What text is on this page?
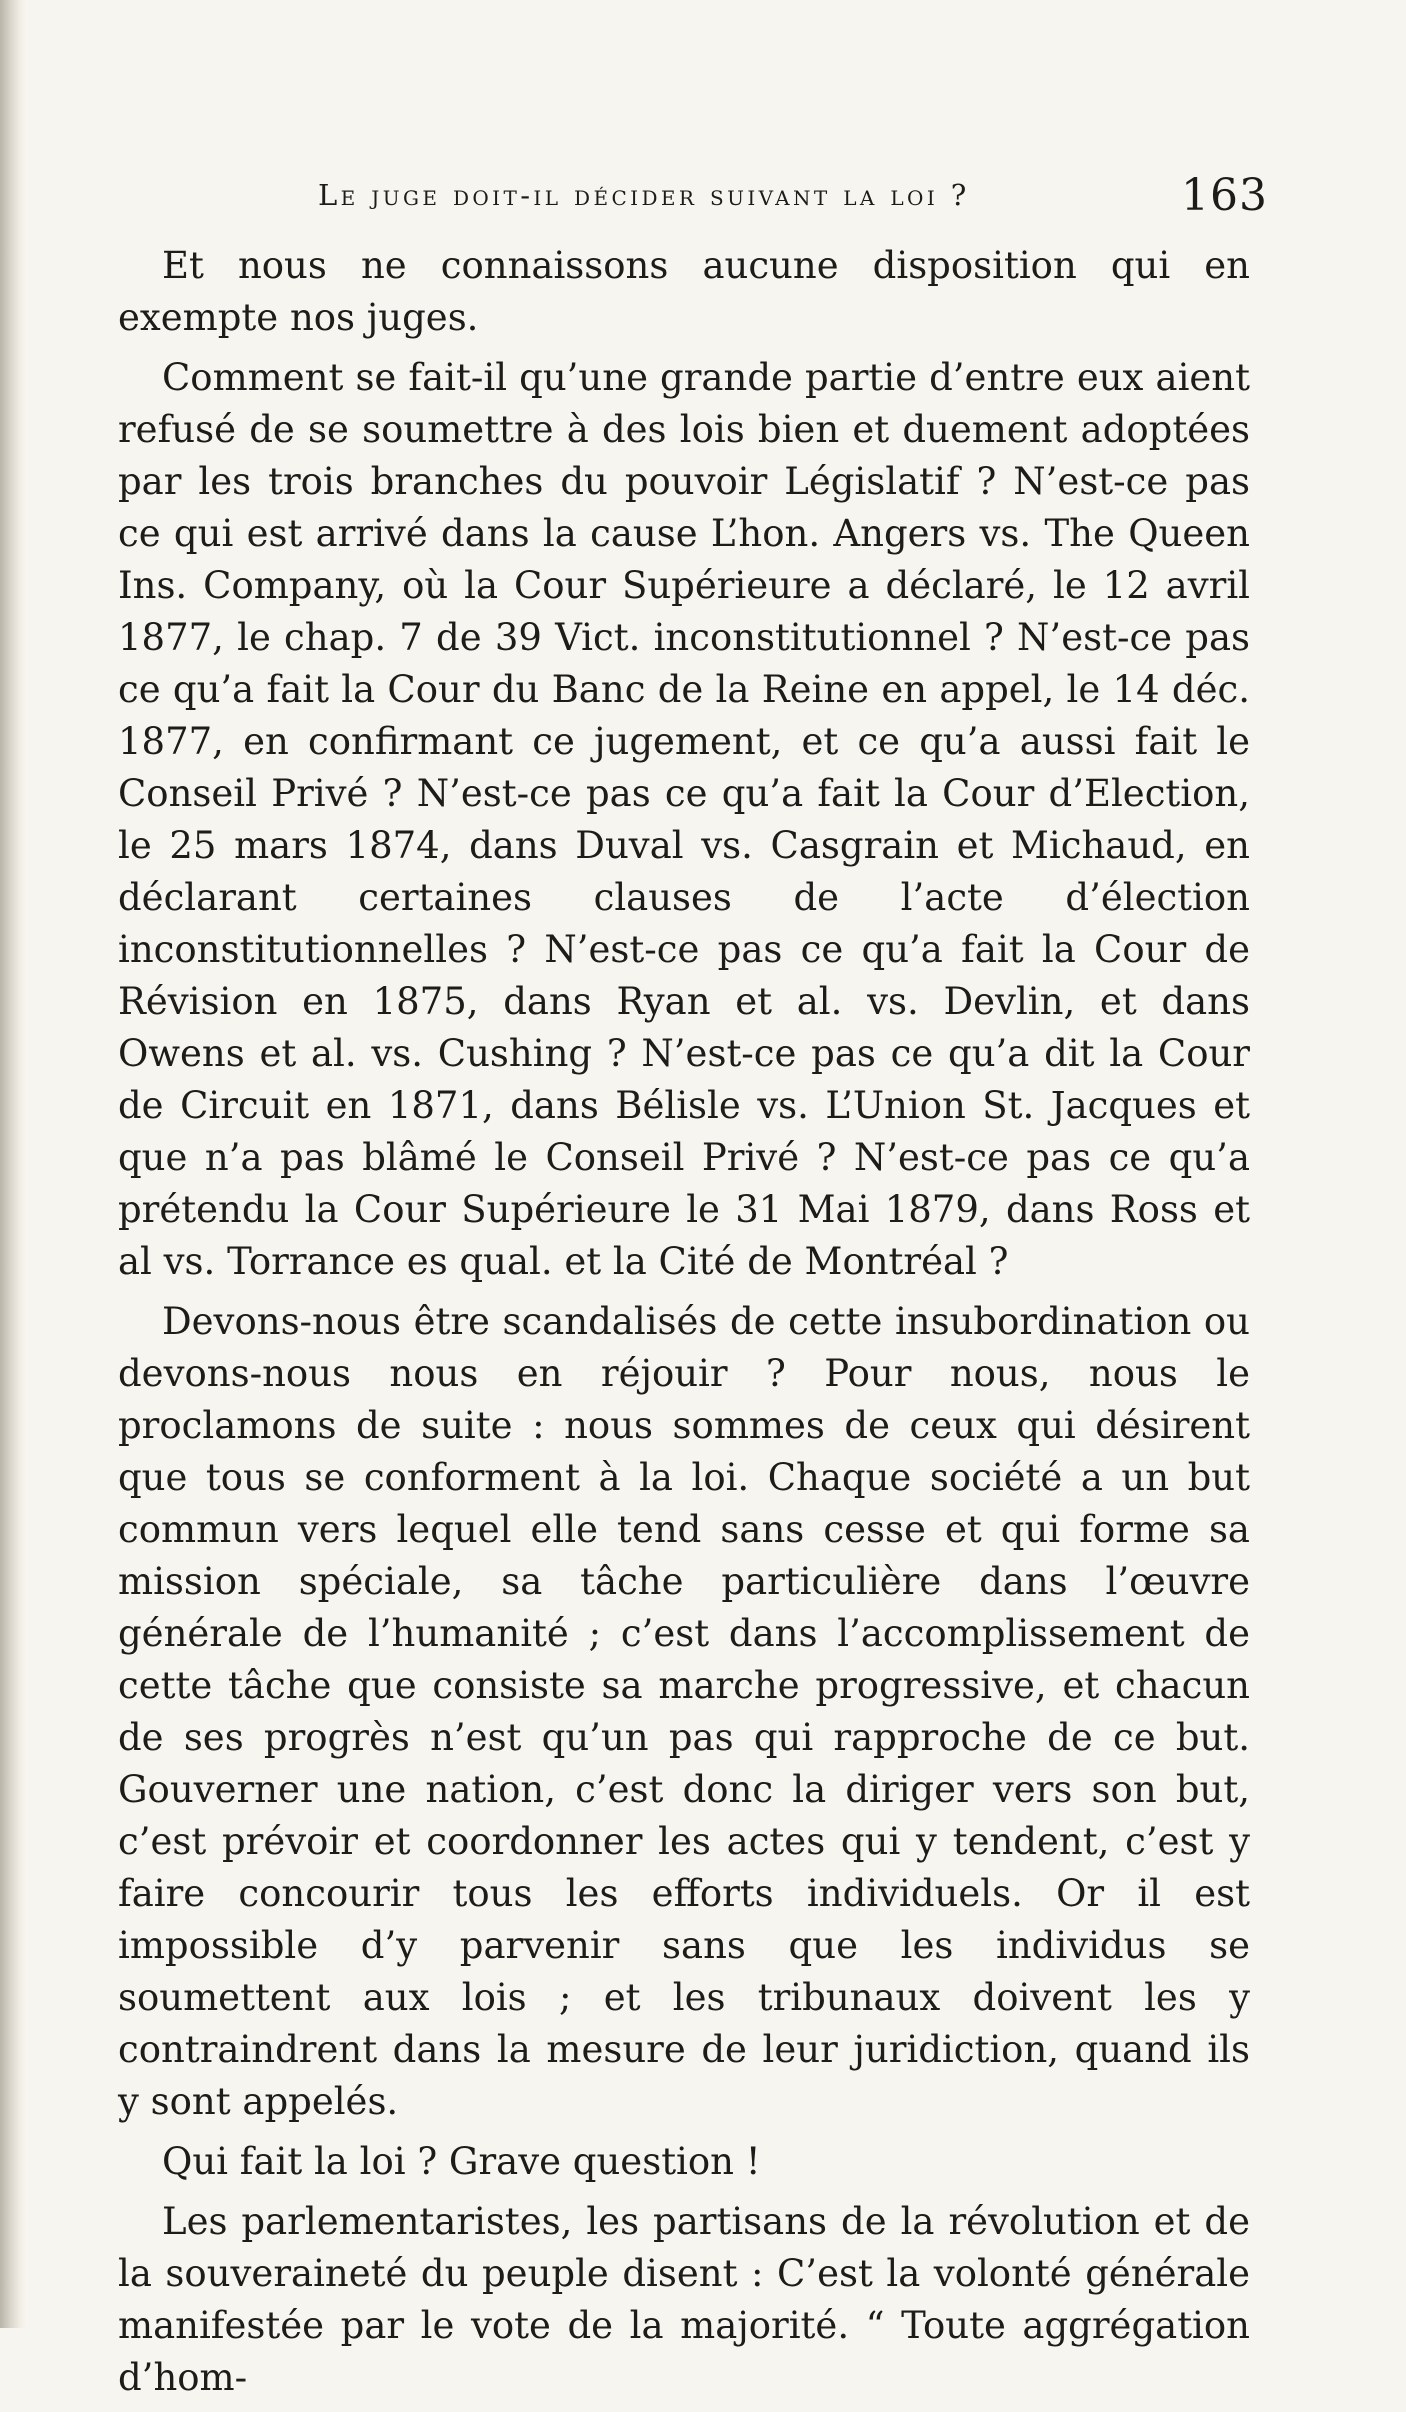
Le juge doit-il décider suivant la loi ?	163

Et nous ne connaissons aucune disposition qui en exempte nos juges.

Comment se fait-il qu’une grande partie d’entre eux aient refusé de se soumettre à des lois bien et duement adoptées par les trois branches du pouvoir Législatif ? N’est-ce pas ce qui est arrivé dans la cause L’hon. Angers vs. The Queen Ins. Company, où la Cour Supérieure a déclaré, le 12 avril 1877, le chap. 7 de 39 Vict. inconstitutionnel ? N’est-ce pas ce qu’a fait la Cour du Banc de la Reine en appel, le 14 déc. 1877, en confirmant ce jugement, et ce qu’a aussi fait le Conseil Privé ? N’est-ce pas ce qu’a fait la Cour d’Election, le 25 mars 1874, dans Duval vs. Casgrain et Michaud, en déclarant certaines clauses de l’acte d’élection inconstitutionnelles ? N’est-ce pas ce qu’a fait la Cour de Révision en 1875, dans Ryan et al. vs. Devlin, et dans Owens et al. vs. Cushing ? N’est-ce pas ce qu’a dit la Cour de Circuit en 1871, dans Bélisle vs. L’Union St. Jacques et que n’a pas blâmé le Conseil Privé ? N’est-ce pas ce qu’a prétendu la Cour Supérieure le 31 Mai 1879, dans Ross et al vs. Torrance es qual. et la Cité de Montréal ?

Devons-nous être scandalisés de cette insubordination ou devons-nous nous en réjouir ? Pour nous, nous le proclamons de suite : nous sommes de ceux qui désirent que tous se conforment à la loi. Chaque société a un but commun vers lequel elle tend sans cesse et qui forme sa mission spéciale, sa tâche particulière dans l’œuvre générale de l’humanité ; c’est dans l’accomplissement de cette tâche que consiste sa marche progressive, et chacun de ses progrès n’est qu’un pas qui rapproche de ce but. Gouverner une nation, c’est donc la diriger vers son but, c’est prévoir et coordonner les actes qui y tendent, c’est y faire concourir tous les efforts individuels. Or il est impossible d’y parvenir sans que les individus se soumettent aux lois ; et les tribunaux doivent les y contraindrent dans la mesure de leur juridiction, quand ils y sont appelés.

Qui fait la loi ? Grave question !

Les parlementaristes, les partisans de la révolution et de la souveraineté du peuple disent : C’est la volonté générale manifestée par le vote de la majorité. “ Toute aggrégation d’hom-
